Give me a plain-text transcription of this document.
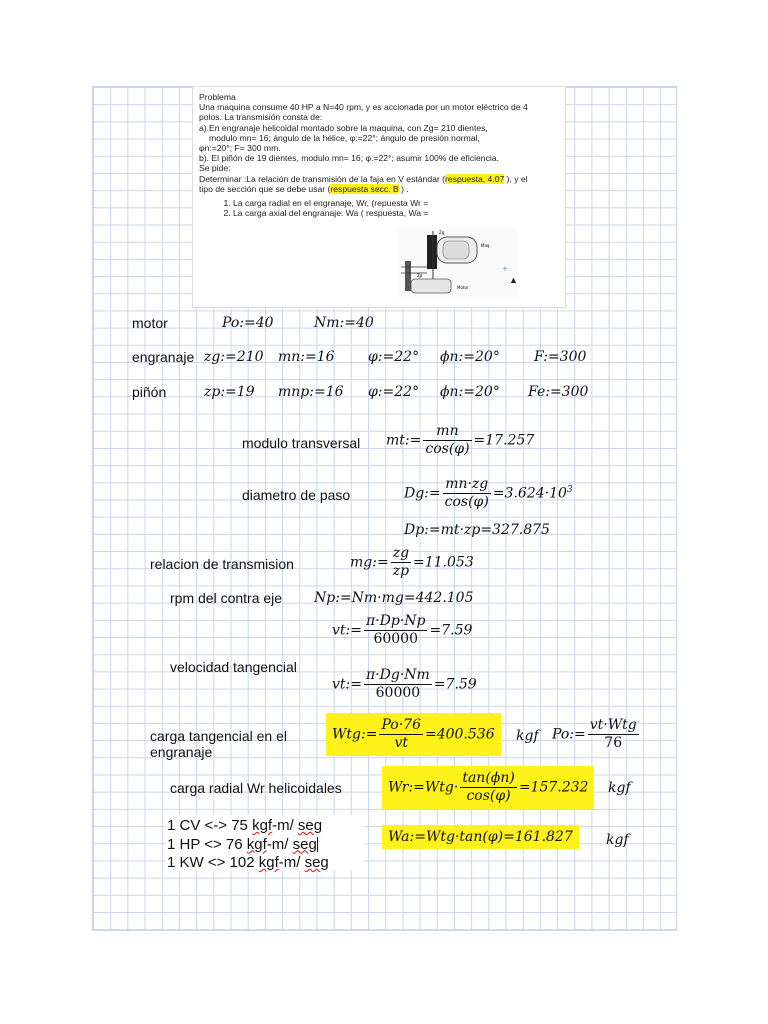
Problema
Una maquina consume 40 HP a N=40 rpm, y es accionada por un motor eléctrico de 4
polos. La transmisión consta de:
a).En engranaje helicoidal montado sobre la maquina, con Zg= 210 dientes,
modulo mn= 16; ángulo de la hélice, φ:=22°; ángulo de presión normal,
φn:=20°; F= 300 mm.
b). El piñón de 19 dientes, modulo mn= 16; φ:=22°; asumir 100% de eficiencia.
Se pide:
Determinar :La relación de transmisión de la faja en V estándar (respuesta, 4.07 ), y el
tipo de sección que se debe usar (respuesta secc. B ) .
1. La carga radial en el engranaje, Wr, (repuesta Wr =
2. La carga axial del engranaje. Wa ( respuesta, Wa =
Zg
Maq
Zp
Motor
+
▲
motor	Po:=40	Nm:=40
engranaje zg:=210 mn:=16 φ:=22° ϕn:=20° F:=300
piñón	zp:=19 mnp:=16 φ:=22° ϕn:=20° Fe:=300
modulo transversal mt:= $\frac{mn}{\cos(\varphi)} =17.257$
diametro de paso	Dg:= $\frac{mn\cdot zg}{\cos(\varphi)} =3.624\cdot 10^3$
Dp:=mt·zp=327.875
relacion de transmision	mg:= $\frac{zg}{zp} =11.053$
rpm del contra eje Np:=Nm·mg=442.105
vt:= $\frac{\pi\cdot Dp\cdot Np}{60000} =7.59$
velocidad tangencial
vt:= $\frac{\pi\cdot Dg\cdot Nm}{60000} =7.59$
carga tangencial en el
engranaje
Wtg:= $\frac{Po\cdot 76}{vt} =400.536$	kgf Po:= $\frac{\text{vt·Wtg}}{76}$
carga radial Wr helicoidales	Wr:=Wtg· $\frac{\tan(\phi n)}{\cos(\varphi)} =157.232$	kgf
Wa:=Wtg·tan(φ)=161.827	kgf
1 CV <-> 75 kgf-m/ seg
1 HP <> 76 kgf-m/ seg
1 KW <> 102 kgf-m/ seg
